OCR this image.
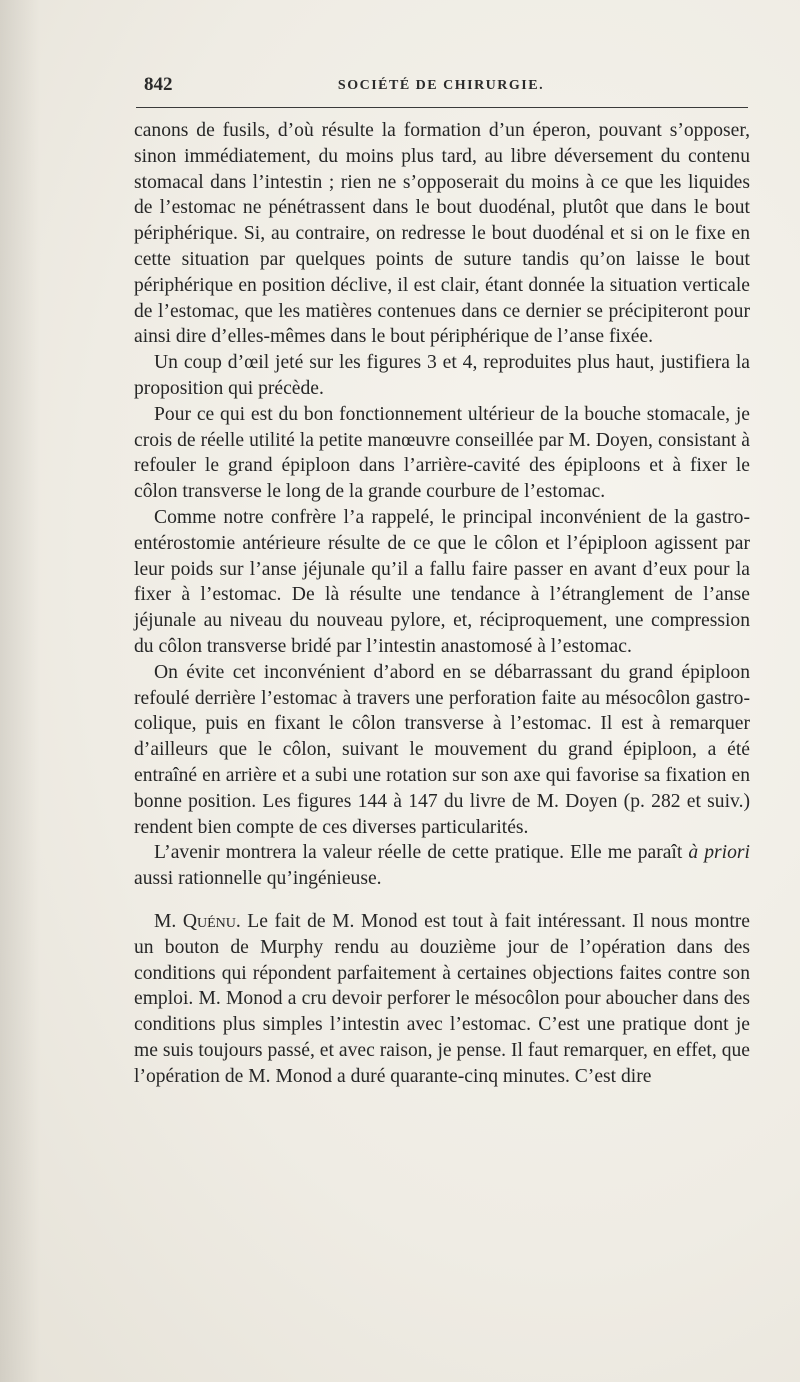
842	SOCIÉTÉ DE CHIRURGIE.

canons de fusils, d’où résulte la formation d’un éperon, pouvant s’opposer, sinon immédiatement, du moins plus tard, au libre déversement du contenu stomacal dans l’intestin ; rien ne s’opposerait du moins à ce que les liquides de l’estomac ne pénétrassent dans le bout duodénal, plutôt que dans le bout périphérique. Si, au contraire, on redresse le bout duodénal et si on le fixe en cette situation par quelques points de suture tandis qu’on laisse le bout périphérique en position déclive, il est clair, étant donnée la situation verticale de l’estomac, que les matières contenues dans ce dernier se précipiteront pour ainsi dire d’elles-mêmes dans le bout périphérique de l’anse fixée.

Un coup d’œil jeté sur les figures 3 et 4, reproduites plus haut, justifiera la proposition qui précède.

Pour ce qui est du bon fonctionnement ultérieur de la bouche stomacale, je crois de réelle utilité la petite manœuvre conseillée par M. Doyen, consistant à refouler le grand épiploon dans l’arrière-cavité des épiploons et à fixer le côlon transverse le long de la grande courbure de l’estomac.

Comme notre confrère l’a rappelé, le principal inconvénient de la gastro-entérostomie antérieure résulte de ce que le côlon et l’épiploon agissent par leur poids sur l’anse jéjunale qu’il a fallu faire passer en avant d’eux pour la fixer à l’estomac. De là résulte une tendance à l’étranglement de l’anse jéjunale au niveau du nouveau pylore, et, réciproquement, une compression du côlon transverse bridé par l’intestin anastomosé à l’estomac.

On évite cet inconvénient d’abord en se débarrassant du grand épiploon refoulé derrière l’estomac à travers une perforation faite au mésocôlon gastro-colique, puis en fixant le côlon transverse à l’estomac. Il est à remarquer d’ailleurs que le côlon, suivant le mouvement du grand épiploon, a été entraîné en arrière et a subi une rotation sur son axe qui favorise sa fixation en bonne position. Les figures 144 à 147 du livre de M. Doyen (p. 282 et suiv.) rendent bien compte de ces diverses particularités.

L’avenir montrera la valeur réelle de cette pratique. Elle me paraît à priori aussi rationnelle qu’ingénieuse.

M. Quénu. Le fait de M. Monod est tout à fait intéressant. Il nous montre un bouton de Murphy rendu au douzième jour de l’opération dans des conditions qui répondent parfaitement à certaines objections faites contre son emploi. M. Monod a cru devoir perforer le mésocôlon pour aboucher dans des conditions plus simples l’intestin avec l’estomac. C’est une pratique dont je me suis toujours passé, et avec raison, je pense. Il faut remarquer, en effet, que l’opération de M. Monod a duré quarante-cinq minutes. C’est dire
